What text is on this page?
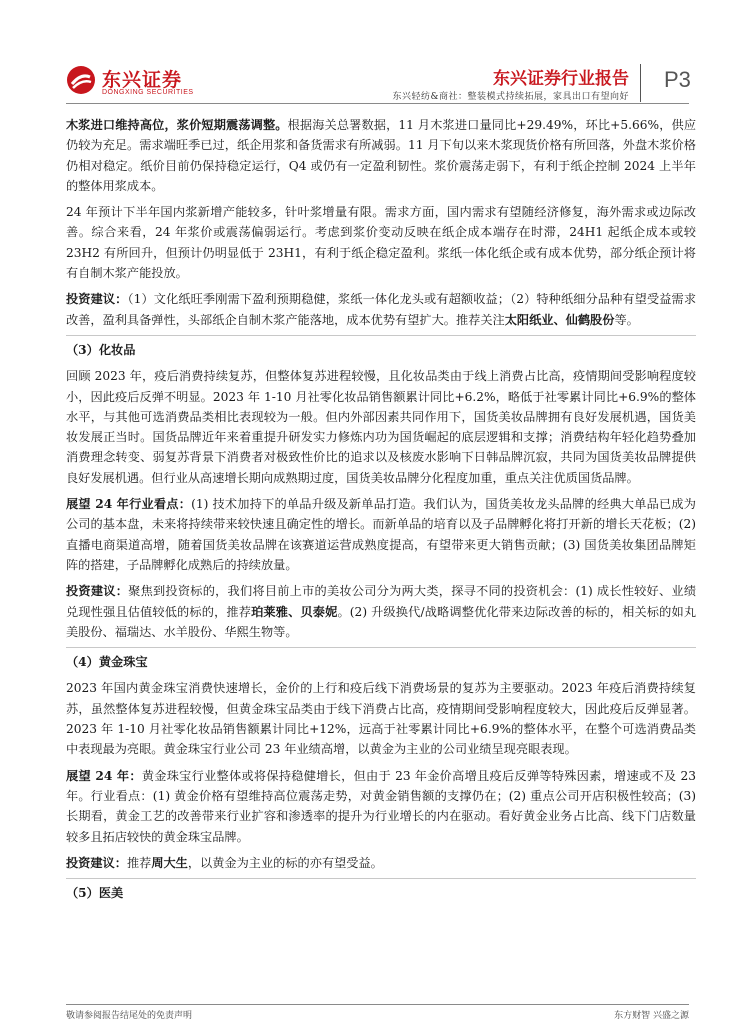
东兴证券
DONGXING SECURITIES
东兴证券行业报告
东兴轻纺&商社：整装模式持续拓展，家具出口有望向好
P3

木浆进口维持高位，浆价短期震荡调整。根据海关总署数据，11 月木浆进口量同比+29.49%，环比+5.66%，供应仍较为充足。需求端旺季已过，纸企用浆和备货需求有所减弱。11 月下旬以来木浆现货价格有所回落，外盘木浆价格仍相对稳定。纸价目前仍保持稳定运行，Q4 或仍有一定盈利韧性。浆价震荡走弱下，有利于纸企控制 2024 上半年的整体用浆成本。

24 年预计下半年国内浆新增产能较多，针叶浆增量有限。需求方面，国内需求有望随经济修复，海外需求或边际改善。综合来看，24 年浆价或震荡偏弱运行。考虑到浆价变动反映在纸企成本端存在时滞，24H1 起纸企成本或较 23H2 有所回升，但预计仍明显低于 23H1，有利于纸企稳定盈利。浆纸一体化纸企或有成本优势，部分纸企预计将有自制木浆产能投放。

投资建议：（1）文化纸旺季刚需下盈利预期稳健，浆纸一体化龙头或有超额收益；（2）特种纸细分品种有望受益需求改善，盈利具备弹性，头部纸企自制木浆产能落地，成本优势有望扩大。推荐关注太阳纸业、仙鹤股份等。

（3）化妆品

回顾 2023 年，疫后消费持续复苏，但整体复苏进程较慢，且化妆品类由于线上消费占比高，疫情期间受影响程度较小，因此疫后反弹不明显。2023 年 1-10 月社零化妆品销售额累计同比+6.2%，略低于社零累计同比+6.9%的整体水平，与其他可选消费品类相比表现较为一般。但内外部因素共同作用下，国货美妆品牌拥有良好发展机遇，国货美妆发展正当时。国货品牌近年来着重提升研发实力修炼内功为国货崛起的底层逻辑和支撑；消费结构年轻化趋势叠加消费理念转变、弱复苏背景下消费者对极致性价比的追求以及核废水影响下日韩品牌沉寂，共同为国货美妆品牌提供良好发展机遇。但行业从高速增长期向成熟期过度，国货美妆品牌分化程度加重，重点关注优质国货品牌。

展望 24 年行业看点：(1) 技术加持下的单品升级及新单品打造。我们认为，国货美妆龙头品牌的经典大单品已成为公司的基本盘，未来将持续带来较快速且确定性的增长。而新单品的培育以及子品牌孵化将打开新的增长天花板；(2) 直播电商渠道高增，随着国货美妆品牌在该赛道运营成熟度提高，有望带来更大销售贡献；(3) 国货美妆集团品牌矩阵的搭建，子品牌孵化成熟后的持续放量。

投资建议：聚焦到投资标的，我们将目前上市的美妆公司分为两大类，探寻不同的投资机会：(1) 成长性较好、业绩兑现性强且估值较低的标的，推荐珀莱雅、贝泰妮。(2) 升级换代/战略调整优化带来边际改善的标的，相关标的如丸美股份、福瑞达、水羊股份、华熙生物等。

（4）黄金珠宝

2023 年国内黄金珠宝消费快速增长，金价的上行和疫后线下消费场景的复苏为主要驱动。2023 年疫后消费持续复苏，虽然整体复苏进程较慢，但黄金珠宝品类由于线下消费占比高，疫情期间受影响程度较大，因此疫后反弹显著。2023 年 1-10 月社零化妆品销售额累计同比+12%，远高于社零累计同比+6.9%的整体水平，在整个可选消费品类中表现最为亮眼。黄金珠宝行业公司 23 年业绩高增，以黄金为主业的公司业绩呈现亮眼表现。

展望 24 年：黄金珠宝行业整体或将保持稳健增长，但由于 23 年金价高增且疫后反弹等特殊因素，增速或不及 23 年。行业看点：(1) 黄金价格有望维持高位震荡走势，对黄金销售额的支撑仍在；(2) 重点公司开店积极性较高；(3) 长期看，黄金工艺的改善带来行业扩容和渗透率的提升为行业增长的内在驱动。看好黄金业务占比高、线下门店数量较多且拓店较快的黄金珠宝品牌。

投资建议：推荐周大生，以黄金为主业的标的亦有望受益。

（5）医美
敬请参阅报告结尾处的免责声明	东方财智 兴盛之源
